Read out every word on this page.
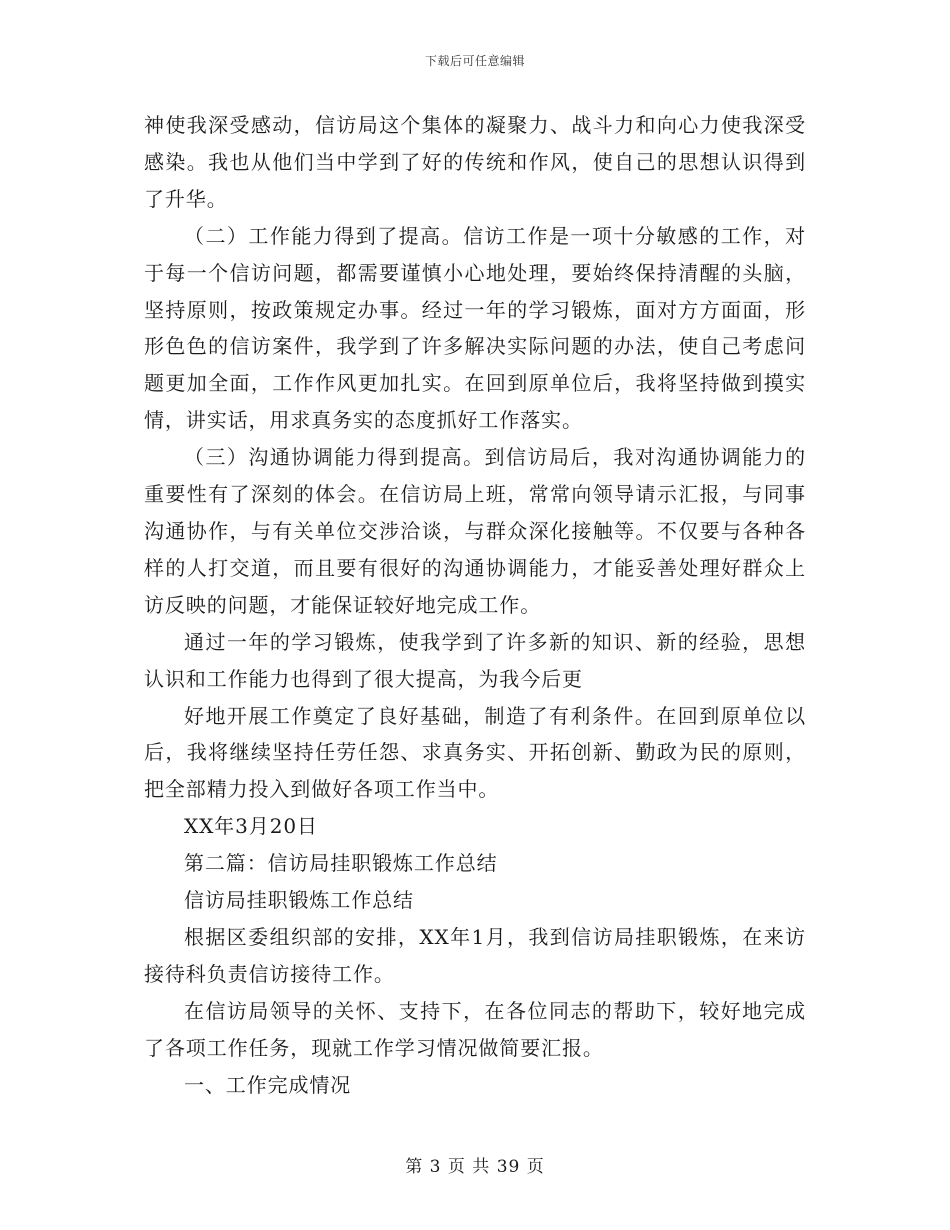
下载后可任意编辑

神使我深受感动，信访局这个集体的凝聚力、战斗力和向心力使我深受感染。我也从他们当中学到了好的传统和作风，使自己的思想认识得到了升华。

（二）工作能力得到了提高。信访工作是一项十分敏感的工作，对于每一个信访问题，都需要谨慎小心地处理，要始终保持清醒的头脑，坚持原则，按政策规定办事。经过一年的学习锻炼，面对方方面面，形形色色的信访案件，我学到了许多解决实际问题的办法，使自己考虑问题更加全面，工作作风更加扎实。在回到原单位后，我将坚持做到摸实情，讲实话，用求真务实的态度抓好工作落实。

（三）沟通协调能力得到提高。到信访局后，我对沟通协调能力的重要性有了深刻的体会。在信访局上班，常常向领导请示汇报，与同事沟通协作，与有关单位交涉洽谈，与群众深化接触等。不仅要与各种各样的人打交道，而且要有很好的沟通协调能力，才能妥善处理好群众上访反映的问题，才能保证较好地完成工作。

通过一年的学习锻炼，使我学到了许多新的知识、新的经验，思想认识和工作能力也得到了很大提高，为我今后更

好地开展工作奠定了良好基础，制造了有利条件。在回到原单位以后，我将继续坚持任劳任怨、求真务实、开拓创新、勤政为民的原则，把全部精力投入到做好各项工作当中。

XX年3月20日

第二篇：信访局挂职锻炼工作总结

信访局挂职锻炼工作总结

根据区委组织部的安排，XX年1月，我到信访局挂职锻炼，在来访接待科负责信访接待工作。

在信访局领导的关怀、支持下，在各位同志的帮助下，较好地完成了各项工作任务，现就工作学习情况做简要汇报。

一、工作完成情况

第 3 页 共 39 页
